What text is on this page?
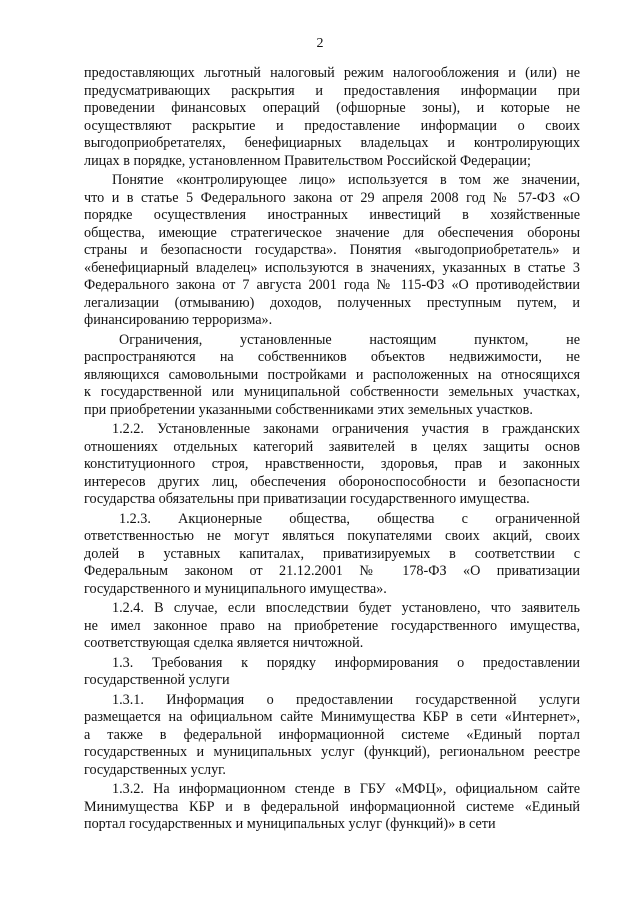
2
предоставляющих льготный налоговый режим налогообложения и (или) не
предусматривающих раскрытия и предоставления информации при
проведении финансовых операций (офшорные зоны), и которые не
осуществляют раскрытие и предоставление информации о своих
выгодоприобретателях, бенефициарных владельцах и контролирующих
лицах в порядке, установленном Правительством Российской Федерации;
Понятие «контролирующее лицо» используется в том же значении,
что и в статье 5 Федерального закона от 29 апреля 2008 год № 57-ФЗ «О
порядке осуществления иностранных инвестиций в хозяйственные
общества, имеющие стратегическое значение для обеспечения обороны
страны и безопасности государства». Понятия «выгодоприобретатель» и
«бенефициарный владелец» используются в значениях, указанных в статье 3
Федерального закона от 7 августа 2001 года № 115-ФЗ «О противодействии
легализации (отмыванию) доходов, полученных преступным путем, и
финансированию терроризма».
Ограничения, установленные настоящим пунктом, не
распространяются на собственников объектов недвижимости, не
являющихся самовольными постройками и расположенных на относящихся
к государственной или муниципальной собственности земельных участках,
при приобретении указанными собственниками этих земельных участков.
1.2.2. Установленные законами ограничения участия в гражданских
отношениях отдельных категорий заявителей в целях защиты основ
конституционного строя, нравственности, здоровья, прав и законных
интересов других лиц, обеспечения обороноспособности и безопасности
государства обязательны при приватизации государственного имущества.
1.2.3. Акционерные общества, общества с ограниченной
ответственностью не могут являться покупателями своих акций, своих
долей в уставных капиталах, приватизируемых в соответствии с
Федеральным законом от 21.12.2001 № 178-ФЗ «О приватизации
государственного и муниципального имущества».
1.2.4. В случае, если впоследствии будет установлено, что заявитель
не имел законное право на приобретение государственного имущества,
соответствующая сделка является ничтожной.
1.3. Требования к порядку информирования о предоставлении
государственной услуги
1.3.1. Информация о предоставлении государственной услуги
размещается на официальном сайте Минимущества КБР в сети «Интернет»,
а также в федеральной информационной системе «Единый портал
государственных и муниципальных услуг (функций), региональном реестре
государственных услуг.
1.3.2. На информационном стенде в ГБУ «МФЦ», официальном сайте
Минимущества КБР и в федеральной информационной системе «Единый
портал государственных и муниципальных услуг (функций)» в сети
